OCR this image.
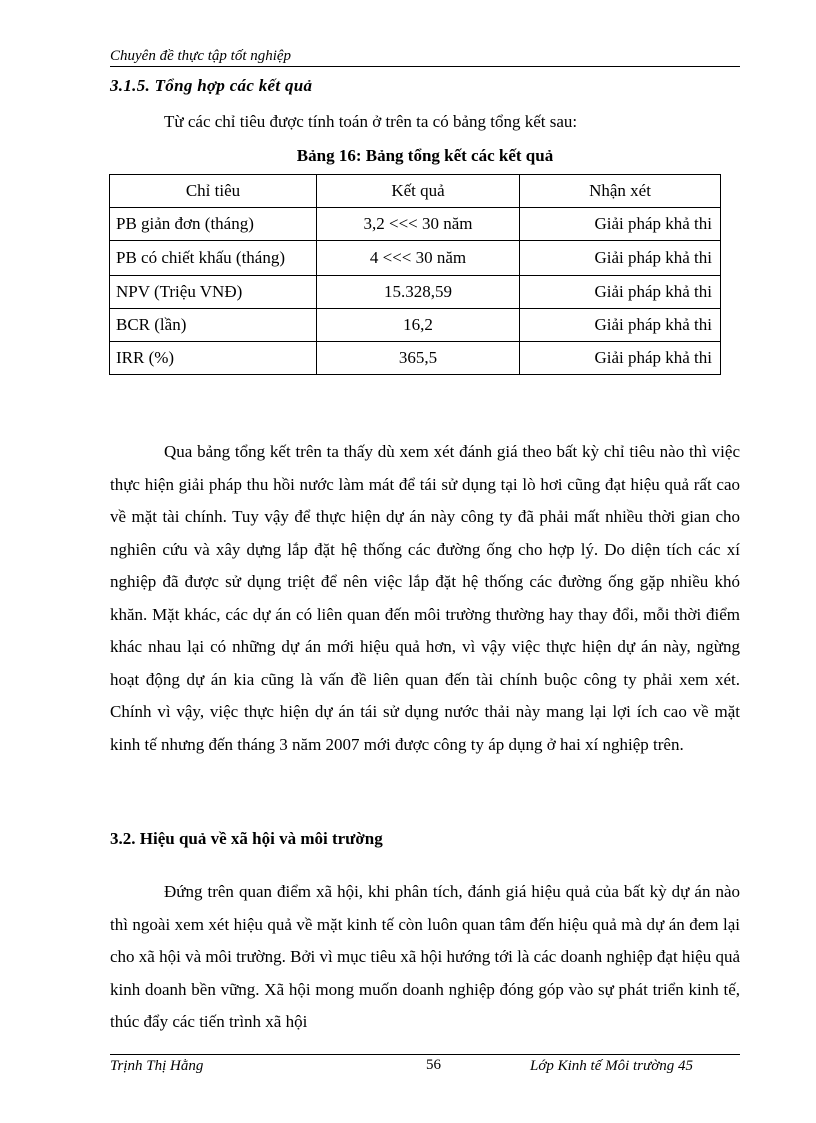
Chuyên đề thực tập tốt nghiệp
3.1.5. Tổng hợp các kết quả
Từ các chỉ tiêu được tính toán ở trên ta có bảng tổng kết sau:
Bảng 16: Bảng tổng kết các kết quả
Chỉ tiêu	Kết quả	Nhận xét
PB giản đơn (tháng)	3,2 <<< 30 năm	Giải pháp khả thi
PB có chiết khấu (tháng)	4 <<< 30 năm	Giải pháp khả thi
NPV (Triệu VNĐ)	15.328,59	Giải pháp khả thi
BCR (lần)	16,2	Giải pháp khả thi
IRR (%)	365,5	Giải pháp khả thi
Qua bảng tổng kết trên ta thấy dù xem xét đánh giá theo bất kỳ chỉ tiêu nào thì việc thực hiện giải pháp thu hồi nước làm mát để tái sử dụng tại lò hơi cũng đạt hiệu quả rất cao về mặt tài chính. Tuy vậy để thực hiện dự án này công ty đã phải mất nhiều thời gian cho nghiên cứu và xây dựng lắp đặt hệ thống các đường ống cho hợp lý. Do diện tích các xí nghiệp đã được sử dụng triệt để nên việc lắp đặt hệ thống các đường ống gặp nhiều khó khăn. Mặt khác, các dự án có liên quan đến môi trường thường hay thay đổi, mỗi thời điểm khác nhau lại có những dự án mới hiệu quả hơn, vì vậy việc thực hiện dự án này, ngừng hoạt động dự án kia cũng là vấn đề liên quan đến tài chính buộc công ty phải xem xét. Chính vì vậy, việc thực hiện dự án tái sử dụng nước thải này mang lại lợi ích cao về mặt kinh tế nhưng đến tháng 3 năm 2007 mới được công ty áp dụng ở hai xí nghiệp trên.
3.2. Hiệu quả về xã hội và môi trường
Đứng trên quan điểm xã hội, khi phân tích, đánh giá hiệu quả của bất kỳ dự án nào thì ngoài xem xét hiệu quả về mặt kinh tế còn luôn quan tâm đến hiệu quả mà dự án đem lại cho xã hội và môi trường. Bởi vì mục tiêu xã hội hướng tới là các doanh nghiệp đạt hiệu quả kinh doanh bền vững. Xã hội mong muốn doanh nghiệp đóng góp vào sự phát triển kinh tế, thúc đẩy các tiến trình xã hội
Trịnh Thị Hằng	56	Lớp Kinh tế Môi trường 45
